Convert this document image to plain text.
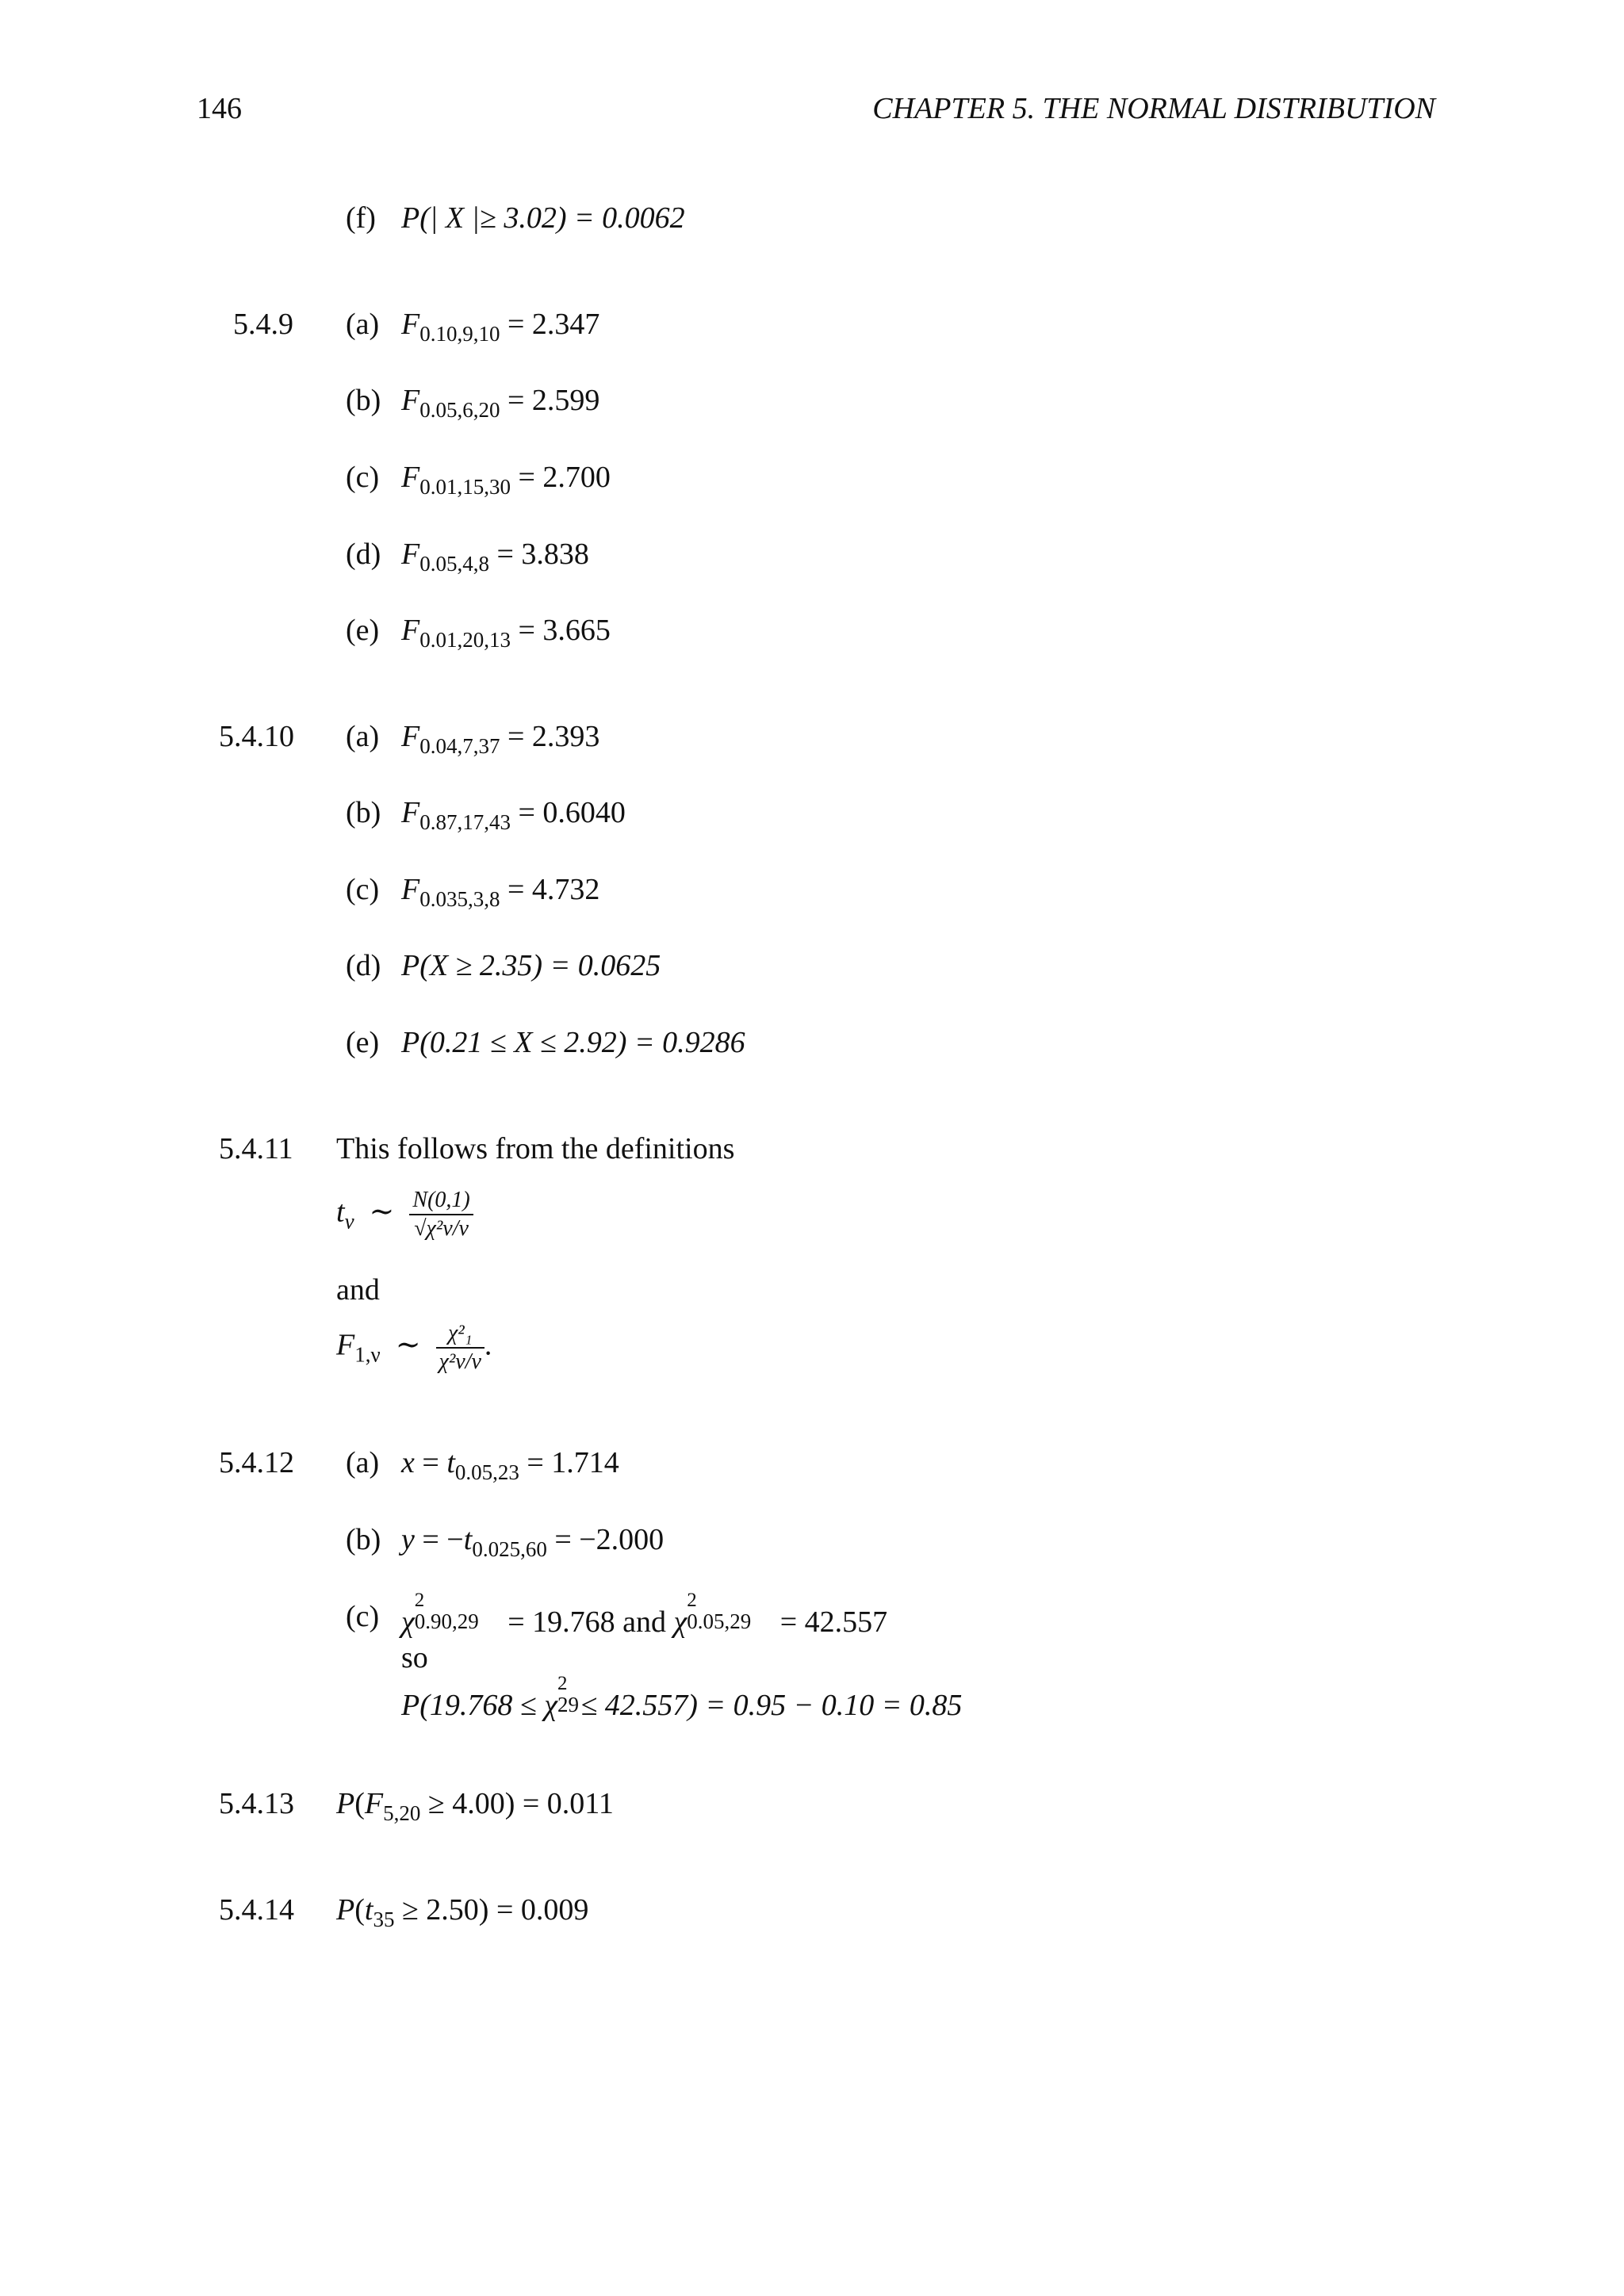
146	CHAPTER 5. THE NORMAL DISTRIBUTION
(f) P(| X |≥ 3.02) = 0.0062
5.4.9 (a) $F_{0.10,9,10} = 2.347$
(b) $F_{0.05,6,20} = 2.599$
(c) $F_{0.01,15,30} = 2.700$
(d) $F_{0.05,4,8} = 3.838$
(e) $F_{0.01,20,13} = 3.665$
5.4.10 (a) $F_{0.04,7,37} = 2.393$
(b) $F_{0.87,17,43} = 0.6040$
(c) $F_{0.035,3,8} = 4.732$
(d) P(X ≥ 2.35) = 0.0625
(e) P(0.21 ≤ X ≤ 2.92) = 0.9286
5.4.11 This follows from the definitions
$t_\nu$  ∼ $\frac{N(0,1)}{\text{√χ²ν/ν}}$
and
$F_{1,\nu}$  ∼ $\frac{\text{χ²₁}}{\text{χ²ν/ν}}$ .
5.4.12 (a) $x = t_{0.05,23} = 1.714$
(b) $y = -t_{0.025,60} = -2.000$
(c) χ
2
0.90,29 = 19.768 and χ
2
0.05,29 = 42.557
so
P(19.768 ≤ χ
2
29
≤ 42.557) = 0.95 − 0.10 = 0.85
5.4.13 $P(F_{5,20} \ge 4.00) = 0.011$
5.4.14 $P(t_{35} \ge 2.50) = 0.009$
